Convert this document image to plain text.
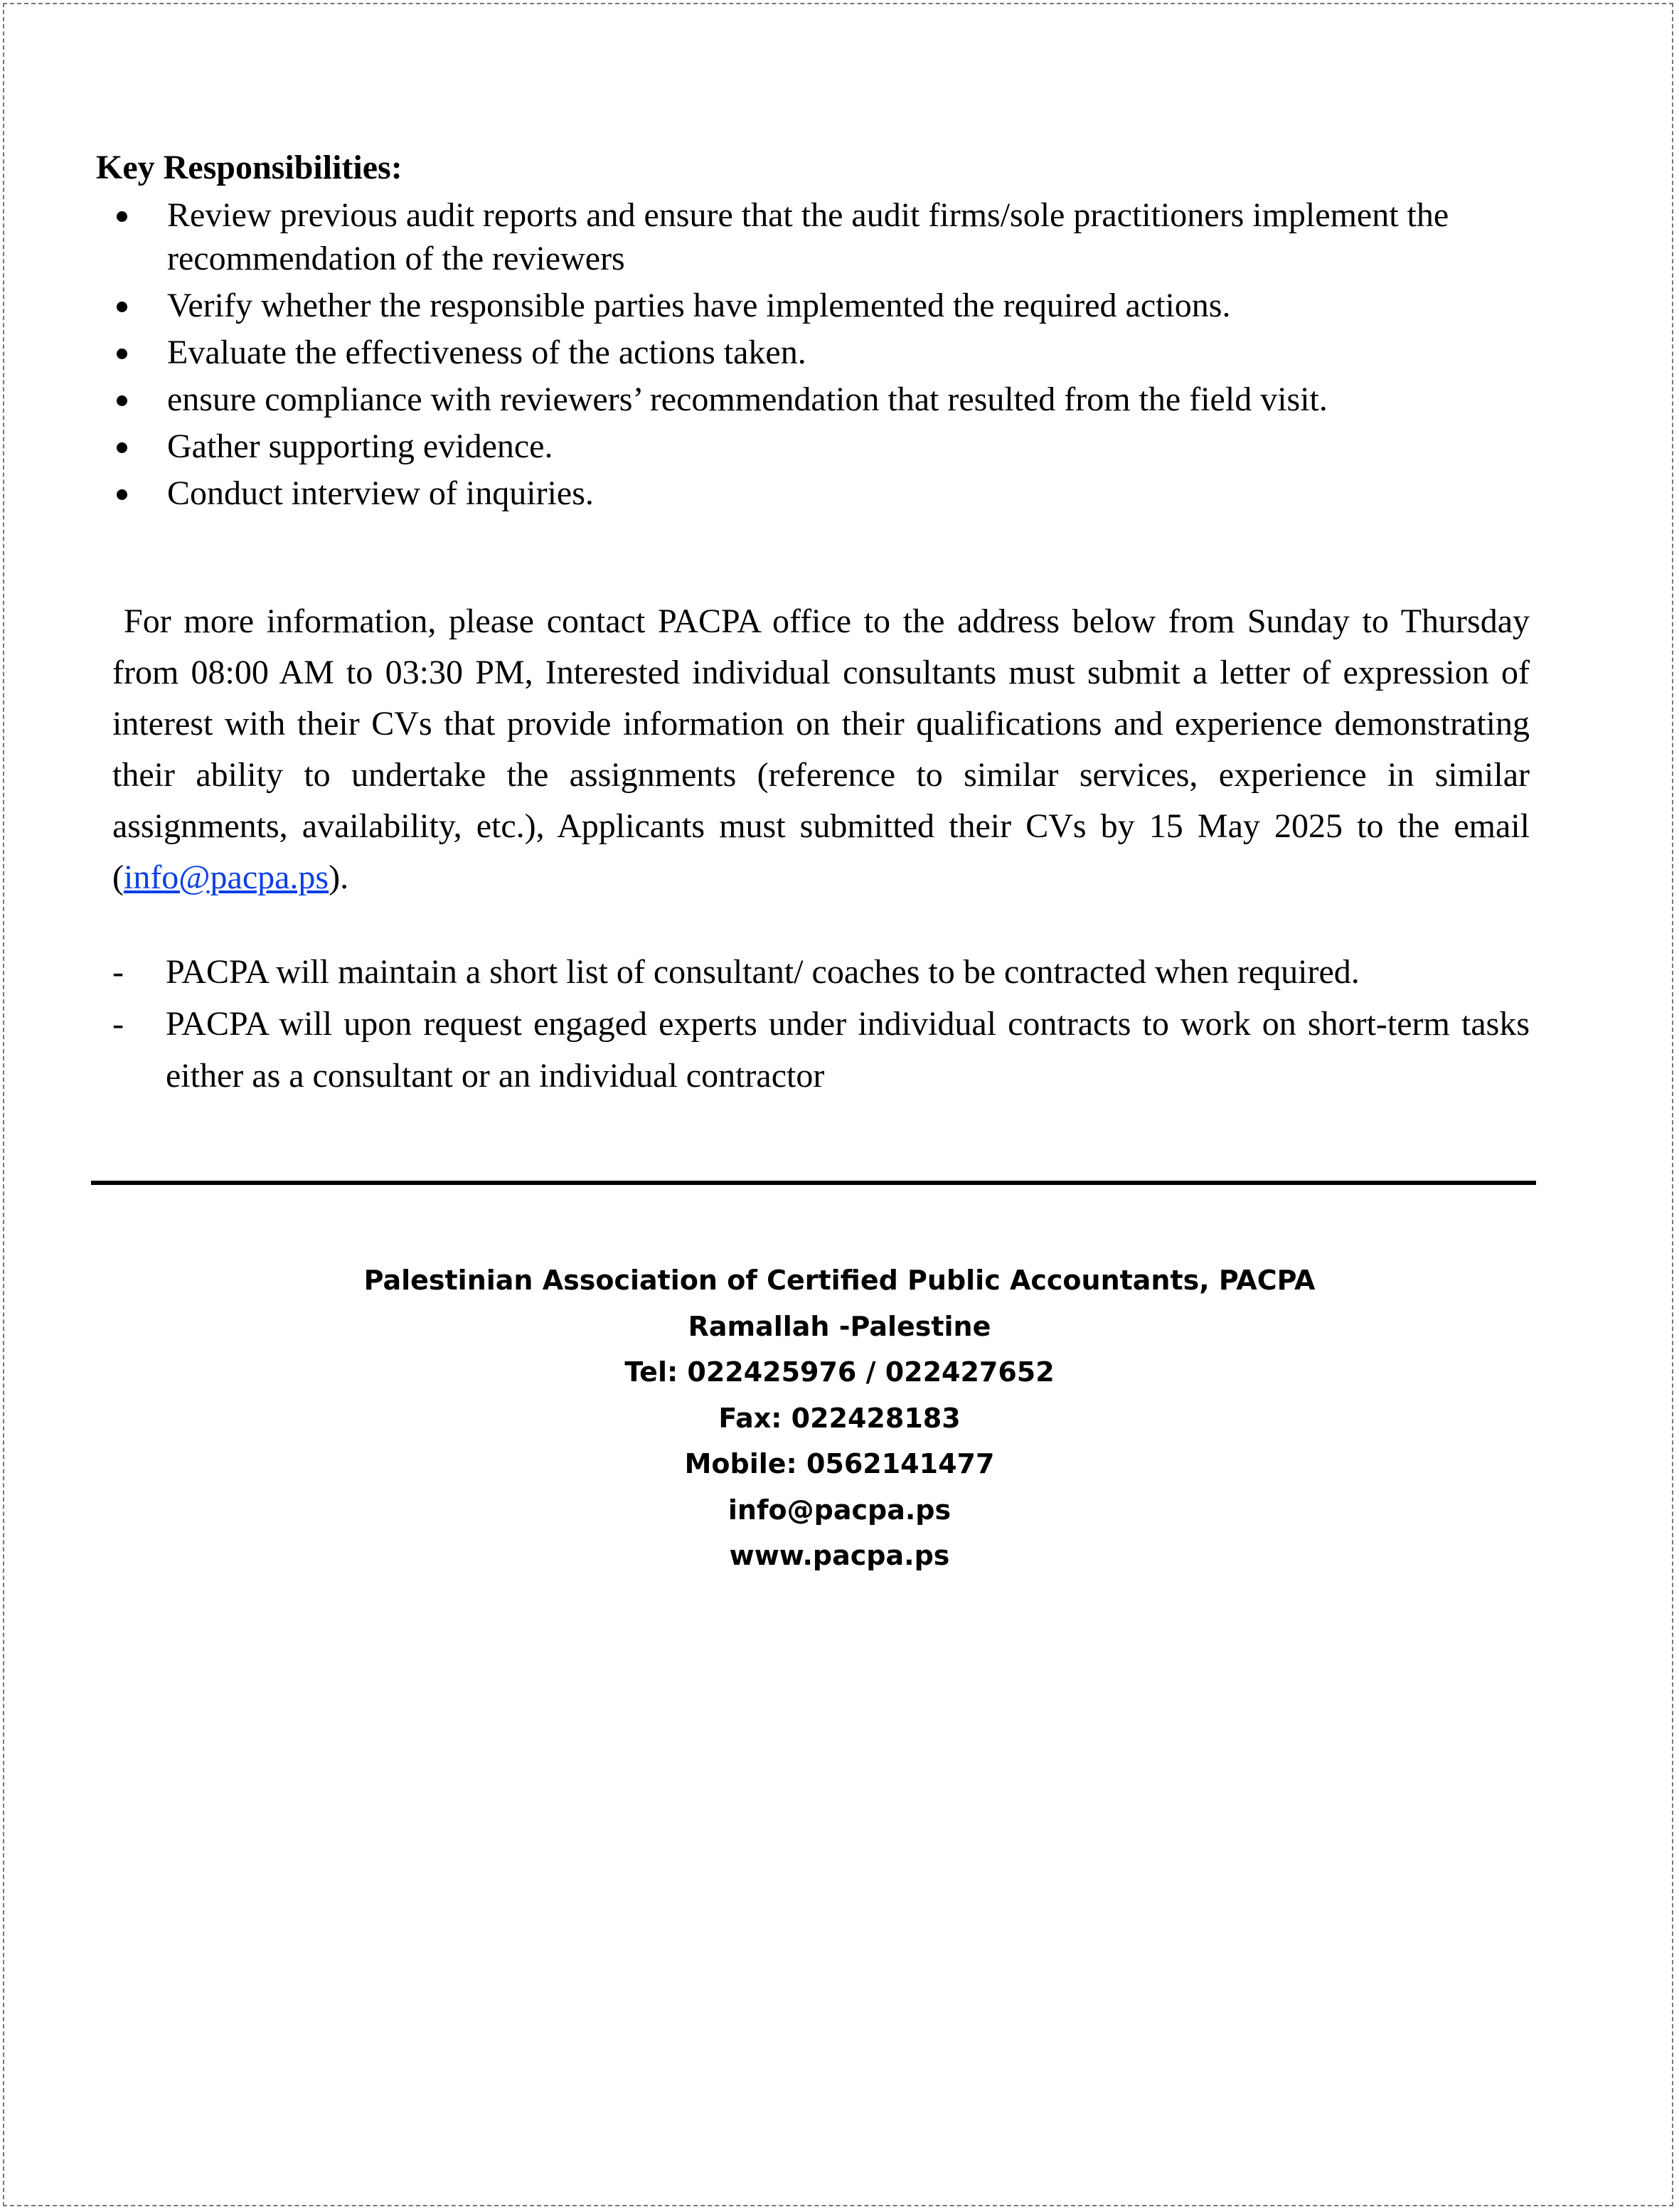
Key Responsibilities:
Review previous audit reports and ensure that the audit firms/sole practitioners implement the recommendation of the reviewers
Verify whether the responsible parties have implemented the required actions.
Evaluate the effectiveness of the actions taken.
ensure compliance with reviewers’ recommendation that resulted from the field visit.
Gather supporting evidence.
Conduct interview of inquiries.

For more information, please contact PACPA office to the address below from Sunday to Thursday from 08:00 AM to 03:30 PM, Interested individual consultants must submit a letter of expression of interest with their CVs that provide information on their qualifications and experience demonstrating their ability to undertake the assignments (reference to similar services, experience in similar assignments, availability, etc.), Applicants must submitted their CVs by 15 May 2025 to the email (info@pacpa.ps).

- PACPA will maintain a short list of consultant/ coaches to be contracted when required.
- PACPA will upon request engaged experts under individual contracts to work on short-term tasks either as a consultant or an individual contractor
Palestinian Association of Certified Public Accountants, PACPA
Ramallah -Palestine
Tel: 022425976 / 022427652
Fax: 022428183
Mobile: 0562141477
info@pacpa.ps
www.pacpa.ps
